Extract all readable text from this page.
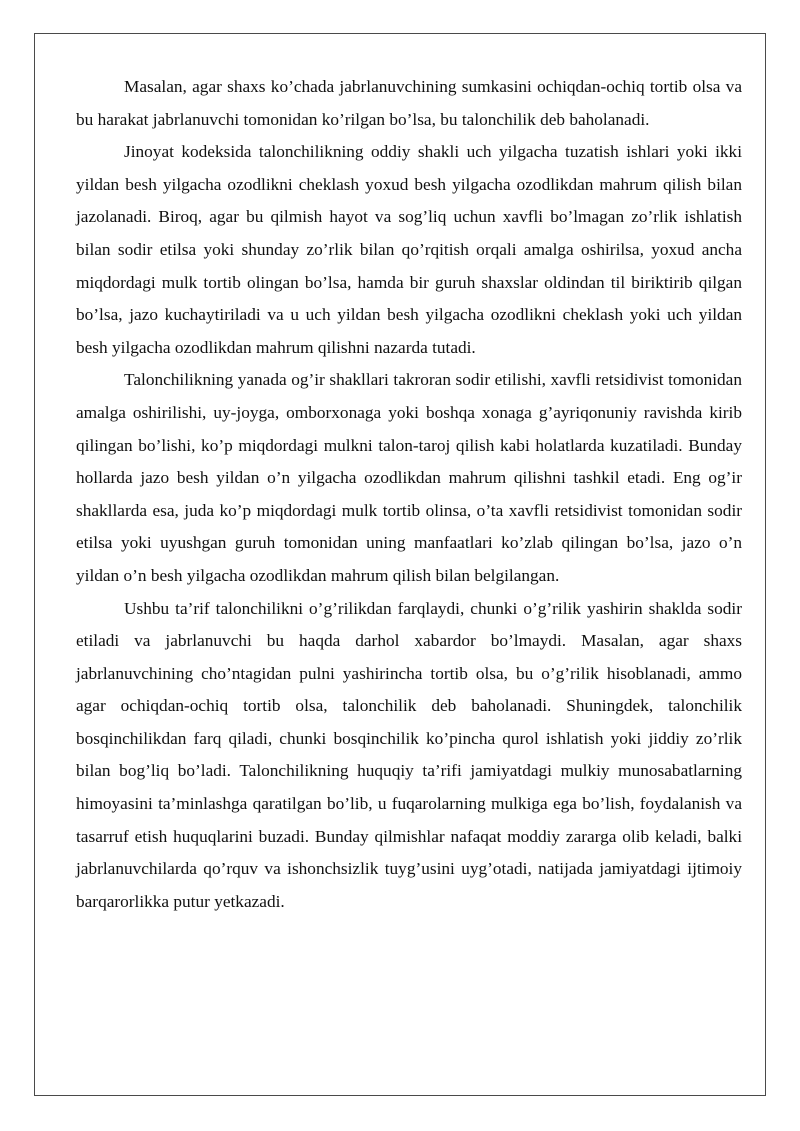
Masalan, agar shaxs ko’chada jabrlanuvchining sumkasini ochiqdan-ochiq tortib olsa va bu harakat jabrlanuvchi tomonidan ko’rilgan bo’lsa, bu talonchilik deb baholanadi.

Jinoyat kodeksida talonchilikning oddiy shakli uch yilgacha tuzatish ishlari yoki ikki yildan besh yilgacha ozodlikni cheklash yoxud besh yilgacha ozodlikdan mahrum qilish bilan jazolanadi. Biroq, agar bu qilmish hayot va sog’liq uchun xavfli bo’lmagan zo’rlik ishlatish bilan sodir etilsa yoki shunday zo’rlik bilan qo’rqitish orqali amalga oshirilsa, yoxud ancha miqdordagi mulk tortib olingan bo’lsa, hamda bir guruh shaxslar oldindan til biriktirib qilgan bo’lsa, jazo kuchaytiriladi va u uch yildan besh yilgacha ozodlikni cheklash yoki uch yildan besh yilgacha ozodlikdan mahrum qilishni nazarda tutadi.

Talonchilikning yanada og’ir shakllari takroran sodir etilishi, xavfli retsidivist tomonidan amalga oshirilishi, uy-joyga, omborxonaga yoki boshqa xonaga g’ayriqonuniy ravishda kirib qilingan bo’lishi, ko’p miqdordagi mulkni talon-taroj qilish kabi holatlarda kuzatiladi. Bunday hollarda jazo besh yildan o’n yilgacha ozodlikdan mahrum qilishni tashkil etadi. Eng og’ir shakllarda esa, juda ko’p miqdordagi mulk tortib olinsa, o’ta xavfli retsidivist tomonidan sodir etilsa yoki uyushgan guruh tomonidan uning manfaatlari ko’zlab qilingan bo’lsa, jazo o’n yildan o’n besh yilgacha ozodlikdan mahrum qilish bilan belgilangan.

Ushbu ta’rif talonchilikni o’g’rilikdan farqlaydi, chunki o’g’rilik yashirin shaklda sodir etiladi va jabrlanuvchi bu haqda darhol xabardor bo’lmaydi. Masalan, agar shaxs jabrlanuvchining cho’ntagidan pulni yashirincha tortib olsa, bu o’g’rilik hisoblanadi, ammo agar ochiqdan-ochiq tortib olsa, talonchilik deb baholanadi. Shuningdek, talonchilik bosqinchilikdan farq qiladi, chunki bosqinchilik ko’pincha qurol ishlatish yoki jiddiy zo’rlik bilan bog’liq bo’ladi. Talonchilikning huquqiy ta’rifi jamiyatdagi mulkiy munosabatlarning himoyasini ta’minlashga qaratilgan bo’lib, u fuqarolarning mulkiga ega bo’lish, foydalanish va tasarruf etish huquqlarini buzadi. Bunday qilmishlar nafaqat moddiy zararga olib keladi, balki jabrlanuvchilarda qo’rquv va ishonchsizlik tuyg’usini uyg’otadi, natijada jamiyatdagi ijtimoiy barqarorlikka putur yetkazadi.
